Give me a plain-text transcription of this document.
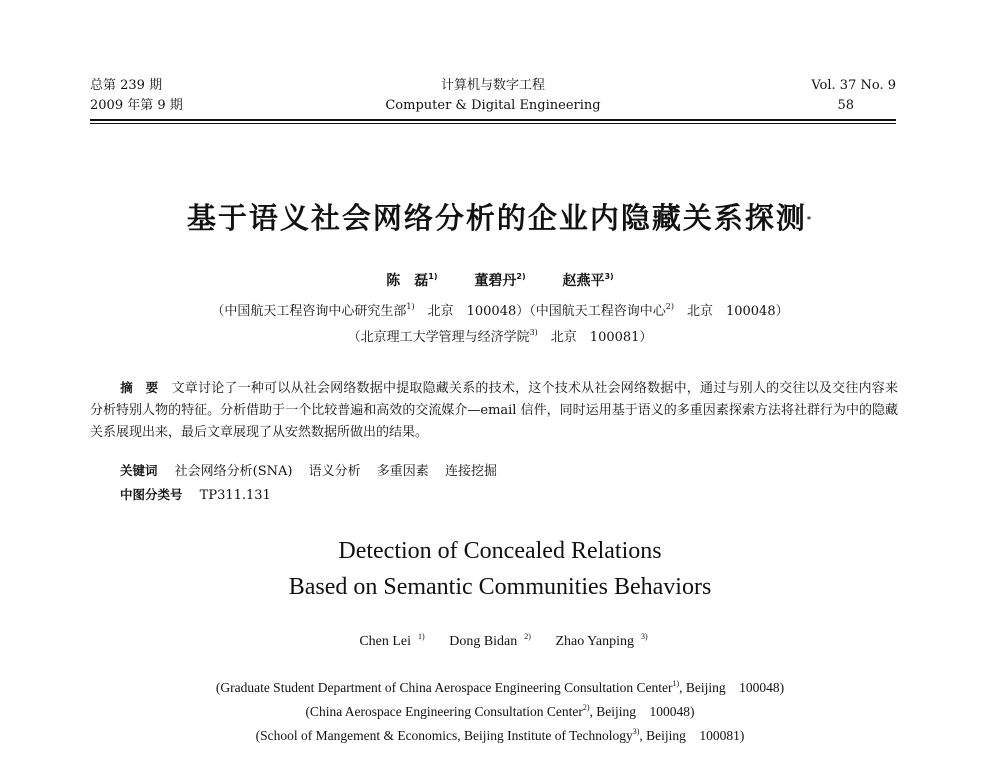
总第 239 期
2009 年第 9 期
计算机与数字工程
Computer & Digital Engineering
Vol. 37 No. 9
58
基于语义社会网络分析的企业内隐藏关系探测*
陈　磊$^{1)}$	董碧丹$^{2)}$	赵燕平$^{3)}$
（中国航天工程咨询中心研究生部$^{1)}$　北京　100048）（中国航天工程咨询中心$^{2)}$　北京　100048）
（北京理工大学管理与经济学院$^{3)}$　北京　100081）
摘　要　 文章讨论了一种可以从社会网络数据中提取隐藏关系的技术，这个技术从社会网络数据中，通过与别人的交往以及交往内容来分析特别人物的特征。分析借助于一个比较普遍和高效的交流媒介—email 信件，同时运用基于语义的多重因素探索方法将社群行为中的隐藏关系展现出来，最后文章展现了从安然数据所做出的结果。
关键词　 社会网络分析(SNA) 语义分析 多重因素 连接挖掘
中图分类号　 TP311.131
Detection of Concealed Relations
Based on Semantic Communities Behaviors
Chen Lei $^{1)}$ Dong Bidan $^{2)}$ Zhao Yanping $^{3)}$
(Graduate Student Department of China Aerospace Engineering Consultation Center$^{1)}$, Beijing　100048)
(China Aerospace Engineering Consultation Center$^{2)}$, Beijing　100048)
(School of Mangement & Economics, Beijing Institute of Technology$^{3)}$, Beijing　100081)
